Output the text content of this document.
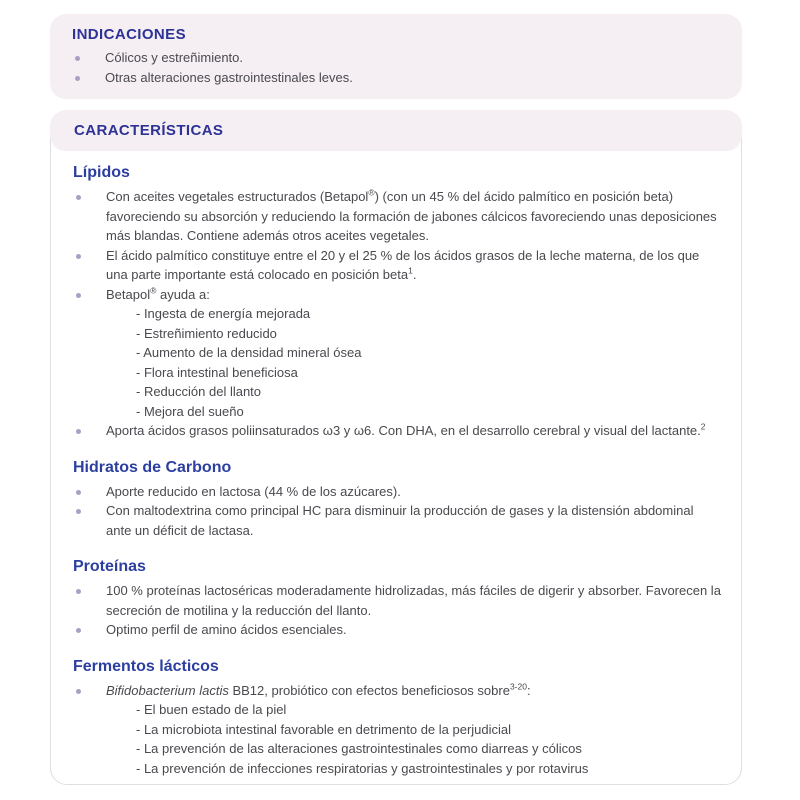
INDICACIONES

Cólicos y estreñimiento.

Otras alteraciones gastrointestinales leves.

CARACTERÍSTICAS
Lípidos

Con aceites vegetales estructurados (Betapol®) (con un 45 % del ácido palmítico en posición beta) favoreciendo su absorción y reduciendo la formación de jabones cálcicos favoreciendo unas deposiciones más blandas. Contiene además otros aceites vegetales.

El ácido palmítico constituye entre el 20 y el 25 % de los ácidos grasos de la leche materna, de los que una parte importante está colocado en posición beta$^1$.

Betapol® ayuda a:

- Ingesta de energía mejorada

- Estreñimiento reducido

- Aumento de la densidad mineral ósea

- Flora intestinal beneficiosa

- Reducción del llanto

- Mejora del sueño

Aporta ácidos grasos poliinsaturados ω3 y ω6. Con DHA, en el desarrollo cerebral y visual del lactante.$^2$

Hidratos de Carbono

Aporte reducido en lactosa (44 % de los azúcares).

Con maltodextrina como principal HC para disminuir la producción de gases y la distensión abdominal ante un déficit de lactasa.

Proteínas

100 % proteínas lactoséricas moderadamente hidrolizadas, más fáciles de digerir y absorber. Favorecen la secreción de motilina y la reducción del llanto.

Optimo perfil de amino ácidos esenciales.

Fermentos lácticos

Bifidobacterium lactis BB12, probiótico con efectos beneficiosos sobre$^{3-20}$:

- El buen estado de la piel

- La microbiota intestinal favorable en detrimento de la perjudicial

- La prevención de las alteraciones gastrointestinales como diarreas y cólicos

- La prevención de infecciones respiratorias y gastrointestinales y por rotavirus
